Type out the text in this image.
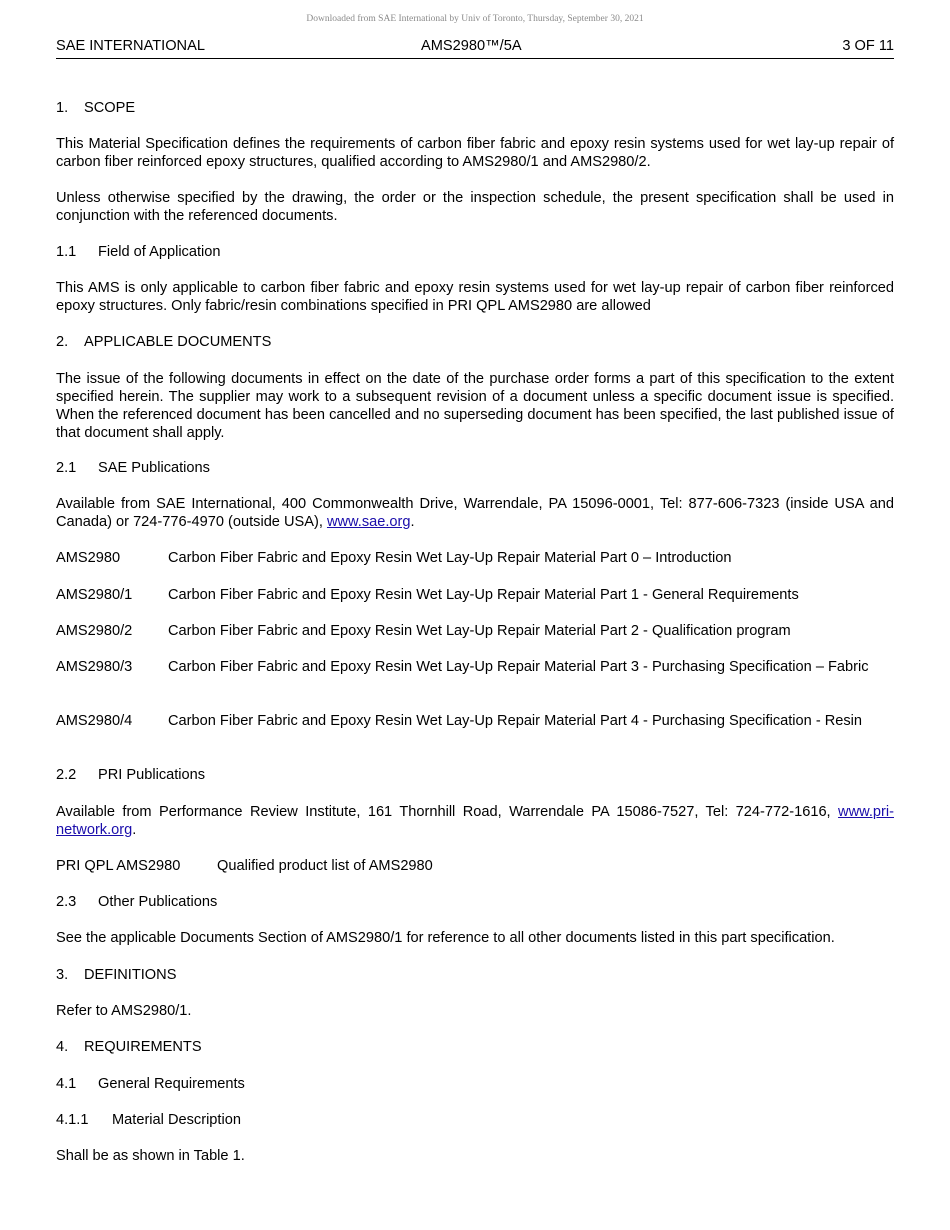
Downloaded from SAE International by Univ of Toronto, Thursday, September 30, 2021
SAE INTERNATIONAL	AMS2980™/5A	3 OF 11
1. SCOPE
This Material Specification defines the requirements of carbon fiber fabric and epoxy resin systems used for wet lay-up repair of carbon fiber reinforced epoxy structures, qualified according to AMS2980/1 and AMS2980/2.
Unless otherwise specified by the drawing, the order or the inspection schedule, the present specification shall be used in conjunction with the referenced documents.
1.1 Field of Application
This AMS is only applicable to carbon fiber fabric and epoxy resin systems used for wet lay-up repair of carbon fiber reinforced epoxy structures. Only fabric/resin combinations specified in PRI QPL AMS2980 are allowed
2. APPLICABLE DOCUMENTS
The issue of the following documents in effect on the date of the purchase order forms a part of this specification to the extent specified herein. The supplier may work to a subsequent revision of a document unless a specific document issue is specified. When the referenced document has been cancelled and no superseding document has been specified, the last published issue of that document shall apply.
2.1 SAE Publications
Available from SAE International, 400 Commonwealth Drive, Warrendale, PA 15096-0001, Tel: 877-606-7323 (inside USA and Canada) or 724-776-4970 (outside USA), www.sae.org.
AMS2980	Carbon Fiber Fabric and Epoxy Resin Wet Lay-Up Repair Material Part 0 – Introduction
AMS2980/1 Carbon Fiber Fabric and Epoxy Resin Wet Lay-Up Repair Material Part 1 - General Requirements
AMS2980/2 Carbon Fiber Fabric and Epoxy Resin Wet Lay-Up Repair Material Part 2 - Qualification program
AMS2980/3 Carbon Fiber Fabric and Epoxy Resin Wet Lay-Up Repair Material Part 3 - Purchasing Specification – Fabric
AMS2980/4 Carbon Fiber Fabric and Epoxy Resin Wet Lay-Up Repair Material Part 4 - Purchasing Specification - Resin
2.2 PRI Publications
Available from Performance Review Institute, 161 Thornhill Road, Warrendale PA 15086-7527, Tel: 724-772-1616, www.pri-network.org.
PRI QPL AMS2980	Qualified product list of AMS2980
2.3 Other Publications
See the applicable Documents Section of AMS2980/1 for reference to all other documents listed in this part specification.
3. DEFINITIONS
Refer to AMS2980/1.
4. REQUIREMENTS
4.1 General Requirements
4.1.1 Material Description
Shall be as shown in Table 1.
